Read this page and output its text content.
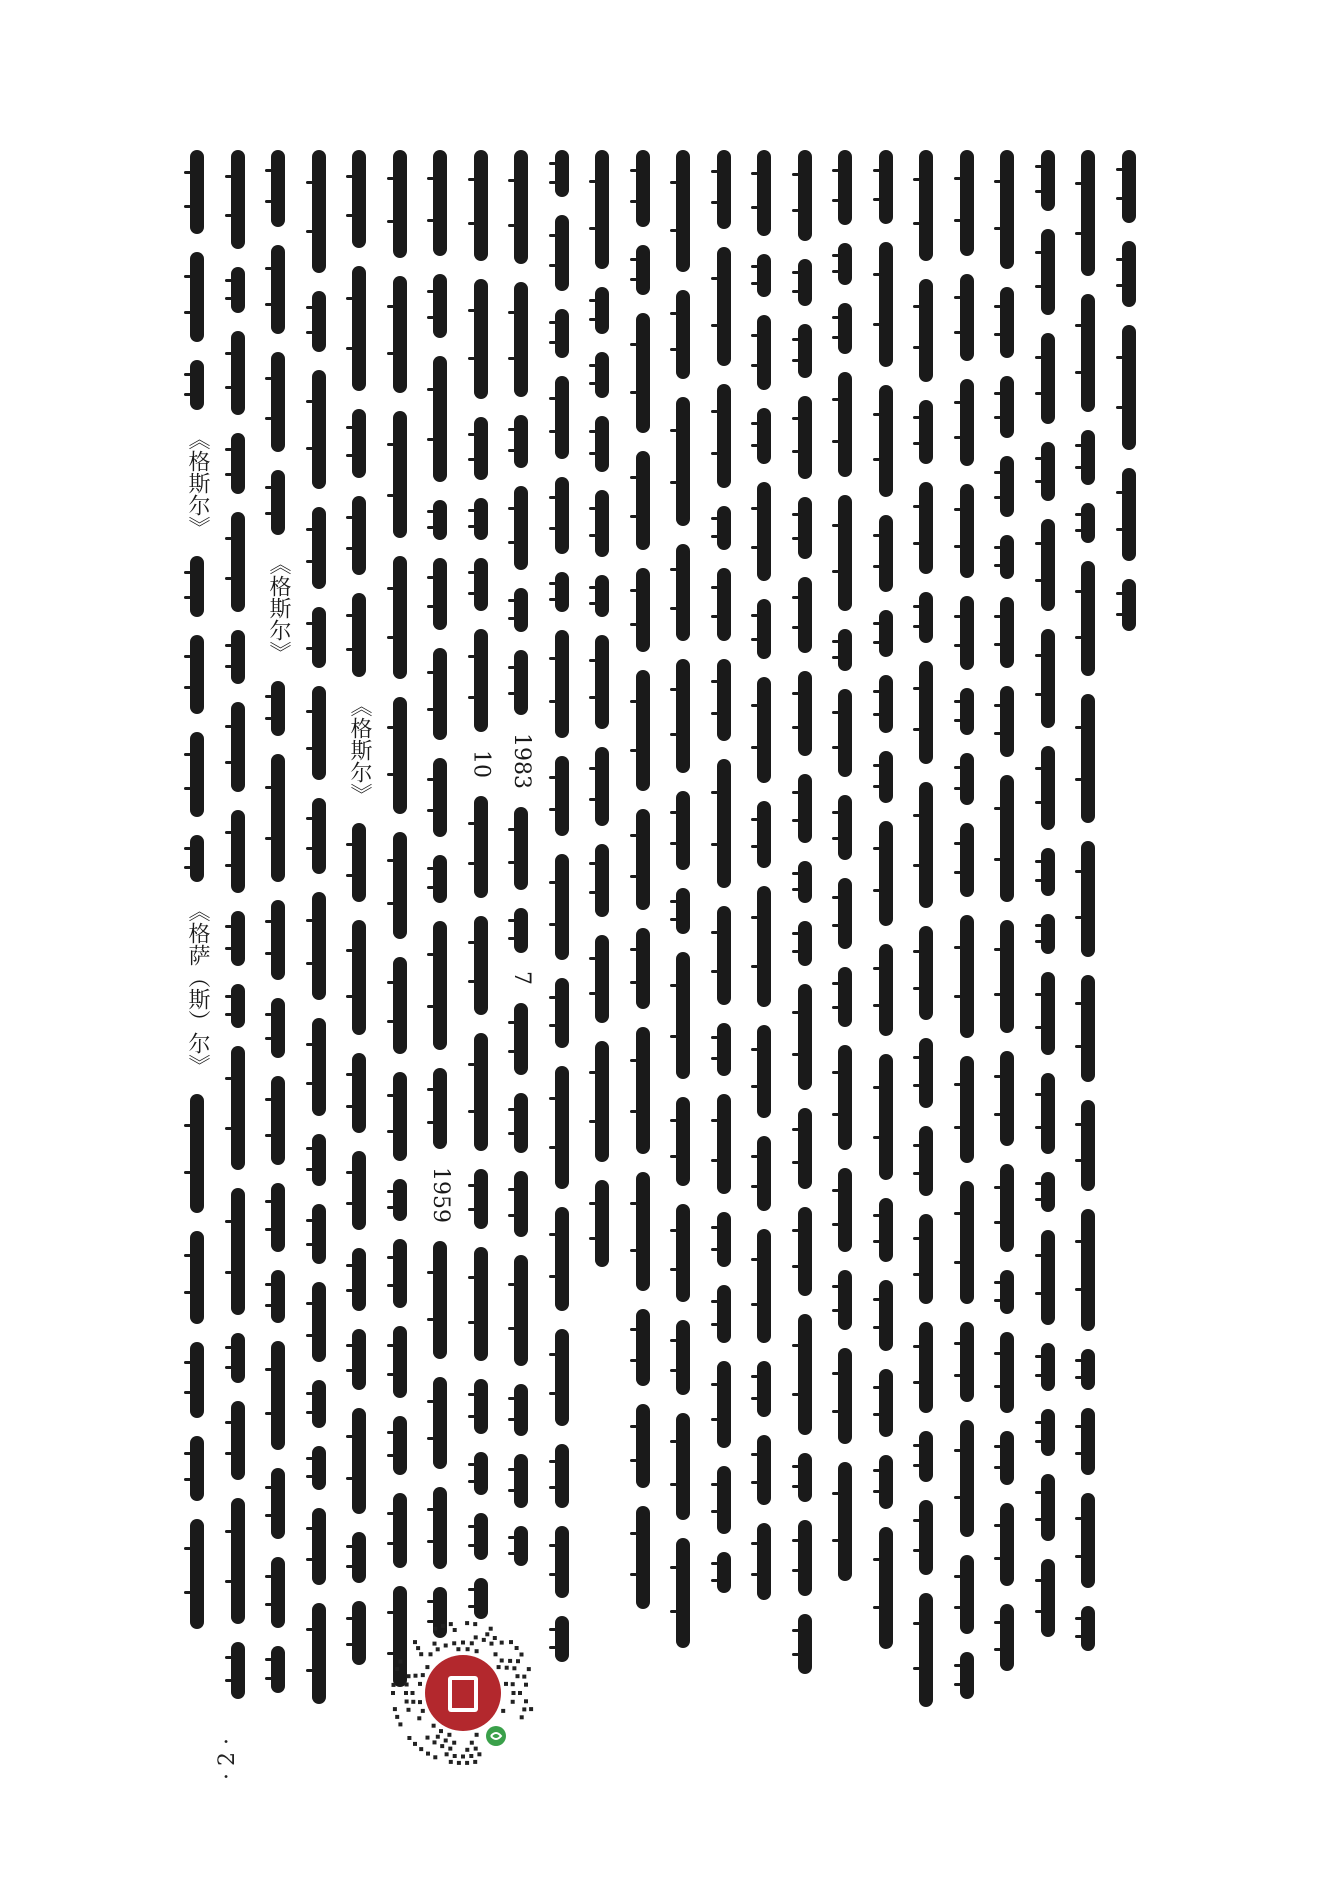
《格斯尔》
《格萨（斯）尔》
《格斯尔》
《格斯尔》
1959
10 1983
7
· 2 ·
